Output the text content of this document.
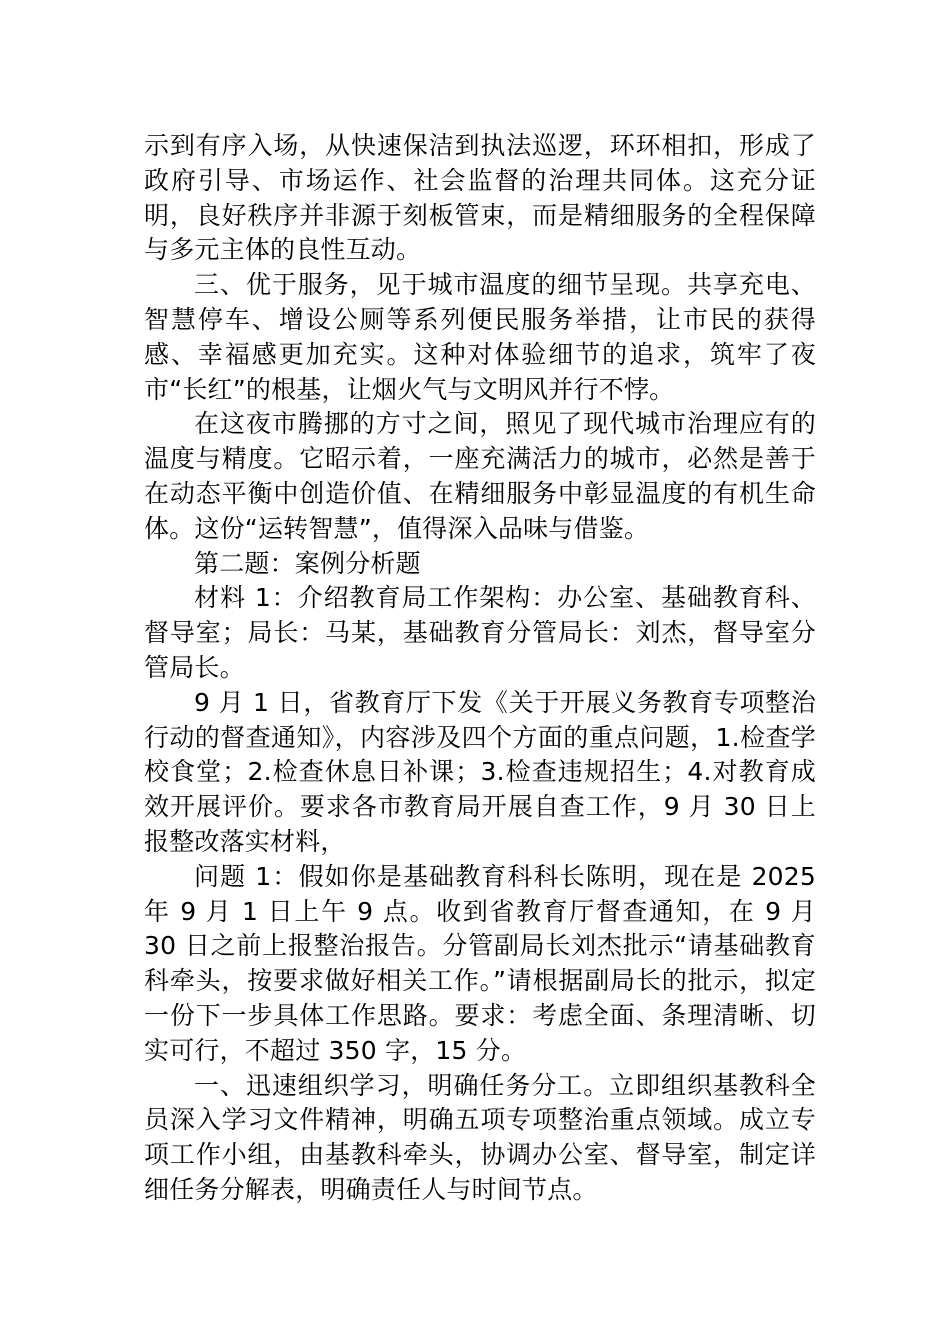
示到有序入场，从快速保洁到执法巡逻，环环相扣，形成了政府引导、市场运作、社会监督的治理共同体。这充分证明，良好秩序并非源于刻板管束，而是精细服务的全程保障与多元主体的良性互动。

三、优于服务，见于城市温度的细节呈现。共享充电、智慧停车、增设公厕等系列便民服务举措，让市民的获得感、幸福感更加充实。这种对体验细节的追求，筑牢了夜市“长红”的根基，让烟火气与文明风并行不悖。

在这夜市腾挪的方寸之间，照见了现代城市治理应有的温度与精度。它昭示着，一座充满活力的城市，必然是善于在动态平衡中创造价值、在精细服务中彰显温度的有机生命体。这份“运转智慧”，值得深入品味与借鉴。

第二题：案例分析题

材料 1：介绍教育局工作架构：办公室、基础教育科、督导室；局长：马某，基础教育分管局长：刘杰，督导室分管局长。

9 月 1 日，省教育厅下发《关于开展义务教育专项整治行动的督查通知》，内容涉及四个方面的重点问题，1.检查学校食堂；2.检查休息日补课；3.检查违规招生；4.对教育成效开展评价。要求各市教育局开展自查工作，9 月 30 日上报整改落实材料，

问题 1：假如你是基础教育科科长陈明，现在是 2025 年 9 月 1 日上午 9 点。收到省教育厅督查通知，在 9 月 30 日之前上报整治报告。分管副局长刘杰批示“请基础教育科牵头，按要求做好相关工作。”请根据副局长的批示，拟定一份下一步具体工作思路。要求：考虑全面、条理清晰、切实可行，不超过 350 字，15 分。

一、迅速组织学习，明确任务分工。立即组织基教科全员深入学习文件精神，明确五项专项整治重点领域。成立专项工作小组，由基教科牵头，协调办公室、督导室，制定详细任务分解表，明确责任人与时间节点。
